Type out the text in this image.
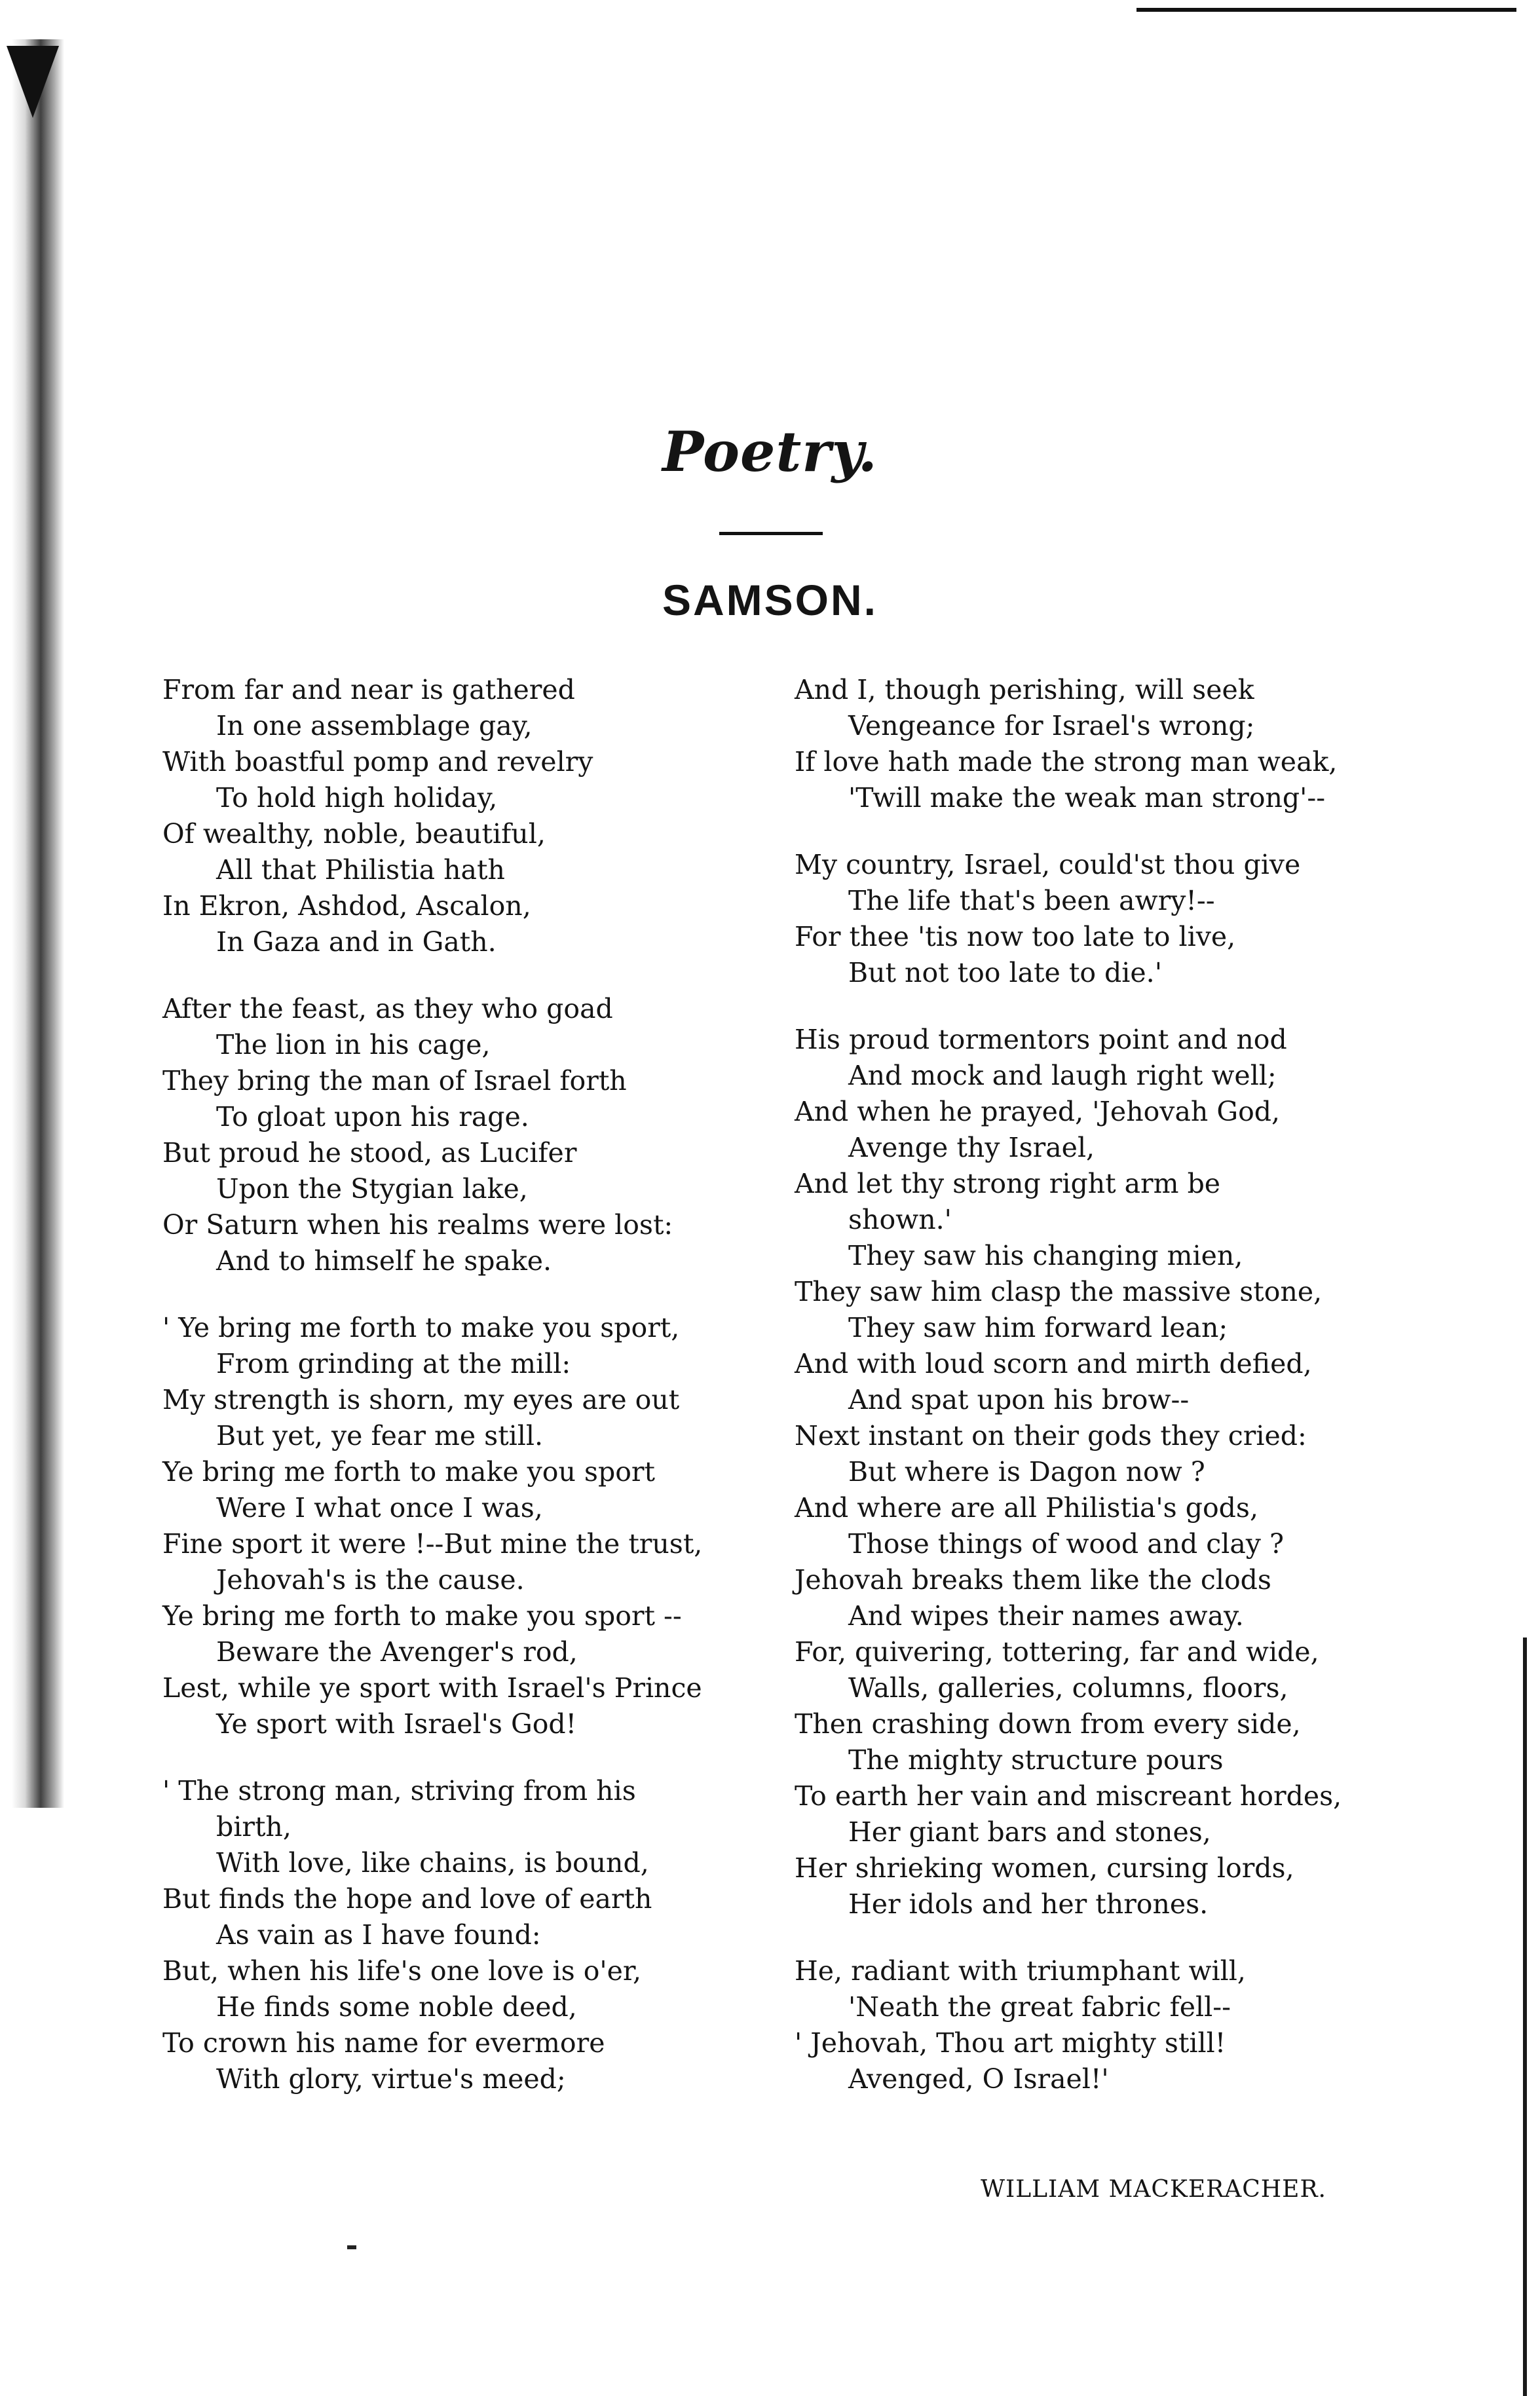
Poetry.
SAMSON.
From far and near is gathered
In one assemblage gay,
With boastful pomp and revelry
To hold high holiday,
Of wealthy, noble, beautiful,
All that Philistia hath
In Ekron, Ashdod, Ascalon,
In Gaza and in Gath.
After the feast, as they who goad
The lion in his cage,
They bring the man of Israel forth
To gloat upon his rage.
But proud he stood, as Lucifer
Upon the Stygian lake,
Or Saturn when his realms were lost:
And to himself he spake.
' Ye bring me forth to make you sport,
From grinding at the mill:
My strength is shorn, my eyes are out
But yet, ye fear me still.
Ye bring me forth to make you sport
Were I what once I was,
Fine sport it were !--But mine the trust,
Jehovah's is the cause.
Ye bring me forth to make you sport --
Beware the Avenger's rod,
Lest, while ye sport with Israel's Prince
Ye sport with Israel's God!
' The strong man, striving from his
birth,
With love, like chains, is bound,
But finds the hope and love of earth
As vain as I have found:
But, when his life's one love is o'er,
He finds some noble deed,
To crown his name for evermore
With glory, virtue's meed;
And I, though perishing, will seek
Vengeance for Israel's wrong;
If love hath made the strong man weak,
'Twill make the weak man strong'--
My country, Israel, could'st thou give
The life that's been awry!--
For thee 'tis now too late to live,
But not too late to die.'
His proud tormentors point and nod
And mock and laugh right well;
And when he prayed, 'Jehovah God,
Avenge thy Israel,
And let thy strong right arm be
shown.'
They saw his changing mien,
They saw him clasp the massive stone,
They saw him forward lean;
And with loud scorn and mirth defied,
And spat upon his brow--
Next instant on their gods they cried:
But where is Dagon now ?
And where are all Philistia's gods,
Those things of wood and clay ?
Jehovah breaks them like the clods
And wipes their names away.
For, quivering, tottering, far and wide,
Walls, galleries, columns, floors,
Then crashing down from every side,
The mighty structure pours
To earth her vain and miscreant hordes,
Her giant bars and stones,
Her shrieking women, cursing lords,
Her idols and her thrones.
He, radiant with triumphant will,
'Neath the great fabric fell--
' Jehovah, Thou art mighty still!
Avenged, O Israel!'
WILLIAM MACKERACHER.
